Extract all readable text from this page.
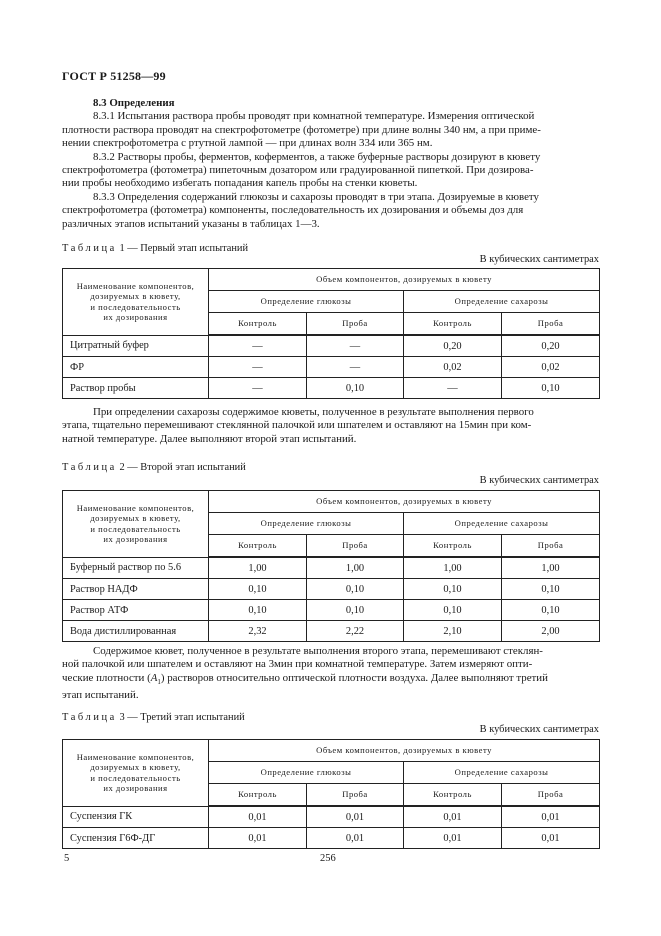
ГОСТ Р 51258—99
8.3 Определения
8.3.1 Испытания раствора пробы проводят при комнатной температуре. Измерения оптической
плотности раствора проводят на спектрофотометре (фотометре) при длине волны 340 нм, а при приме-
нении спектрофотометра с ртутной лампой — при длинах волн 334 или 365 нм.
8.3.2 Растворы пробы, ферментов, коферментов, а также буферные растворы дозируют в кювету
спектрофотометра (фотометра) пипеточным дозатором или градуированной пипеткой. При дозирова-
нии пробы необходимо избегать попадания капель пробы на стенки кюветы.
8.3.3 Определения содержаний глюкозы и сахарозы проводят в три этапа. Дозируемые в кювету
спектрофотометра (фотометра) компоненты, последовательность их дозирования и объемы доз для
различных этапов испытаний указаны в таблицах 1—3.
Таблица 1 — Первый этап испытаний
В кубических сантиметрах
Наименование компонентов,
дозируемых в кювету,
и последовательность
их дозирования	Объем компонентов, дозируемых в кювету			
	Определение глюкозы		Определение сахарозы	
	Контроль	Проба	Контроль	Проба
Цитратный буфер	—	—	0,20	0,20
ФР	—	—	0,02	0,02
Раствор пробы	—	0,10	—	0,10
При определении сахарозы содержимое кюветы, полученное в результате выполнения первого
этапа, тщательно перемешивают стеклянной палочкой или шпателем и оставляют на 15мин при ком-
натной температуре. Далее выполняют второй этап испытаний.
Таблица 2 — Второй этап испытаний
В кубических сантиметрах
Наименование компонентов,
дозируемых в кювету,
и последовательность
их дозирования	Объем компонентов, дозируемых в кювету			
	Определение глюкозы		Определение сахарозы	
	Контроль	Проба	Контроль	Проба
Буферный раствор по 5.6	1,00	1,00	1,00	1,00
Раствор НАДФ	0,10	0,10	0,10	0,10
Раствор АТФ	0,10	0,10	0,10	0,10
Вода дистиллированная	2,32	2,22	2,10	2,00
Содержимое кювет, полученное в результате выполнения второго этапа, перемешивают стеклян-
ной палочкой или шпателем и оставляют на 3мин при комнатной температуре. Затем измеряют опти-
ческие плотности $(A_1)$ растворов относительно оптической плотности воздуха. Далее выполняют третий
этап испытаний.
Таблица 3 — Третий этап испытаний
В кубических сантиметрах
Наименование компонентов,
дозируемых в кювету,
и последовательность
их дозирования	Объем компонентов, дозируемых в кювету			
	Определение глюкозы		Определение сахарозы	
	Контроль	Проба	Контроль	Проба
Суспензия ГК	0,01	0,01	0,01	0,01
Суспензия Г6Ф-ДГ	0,01	0,01	0,01	0,01
5	256
